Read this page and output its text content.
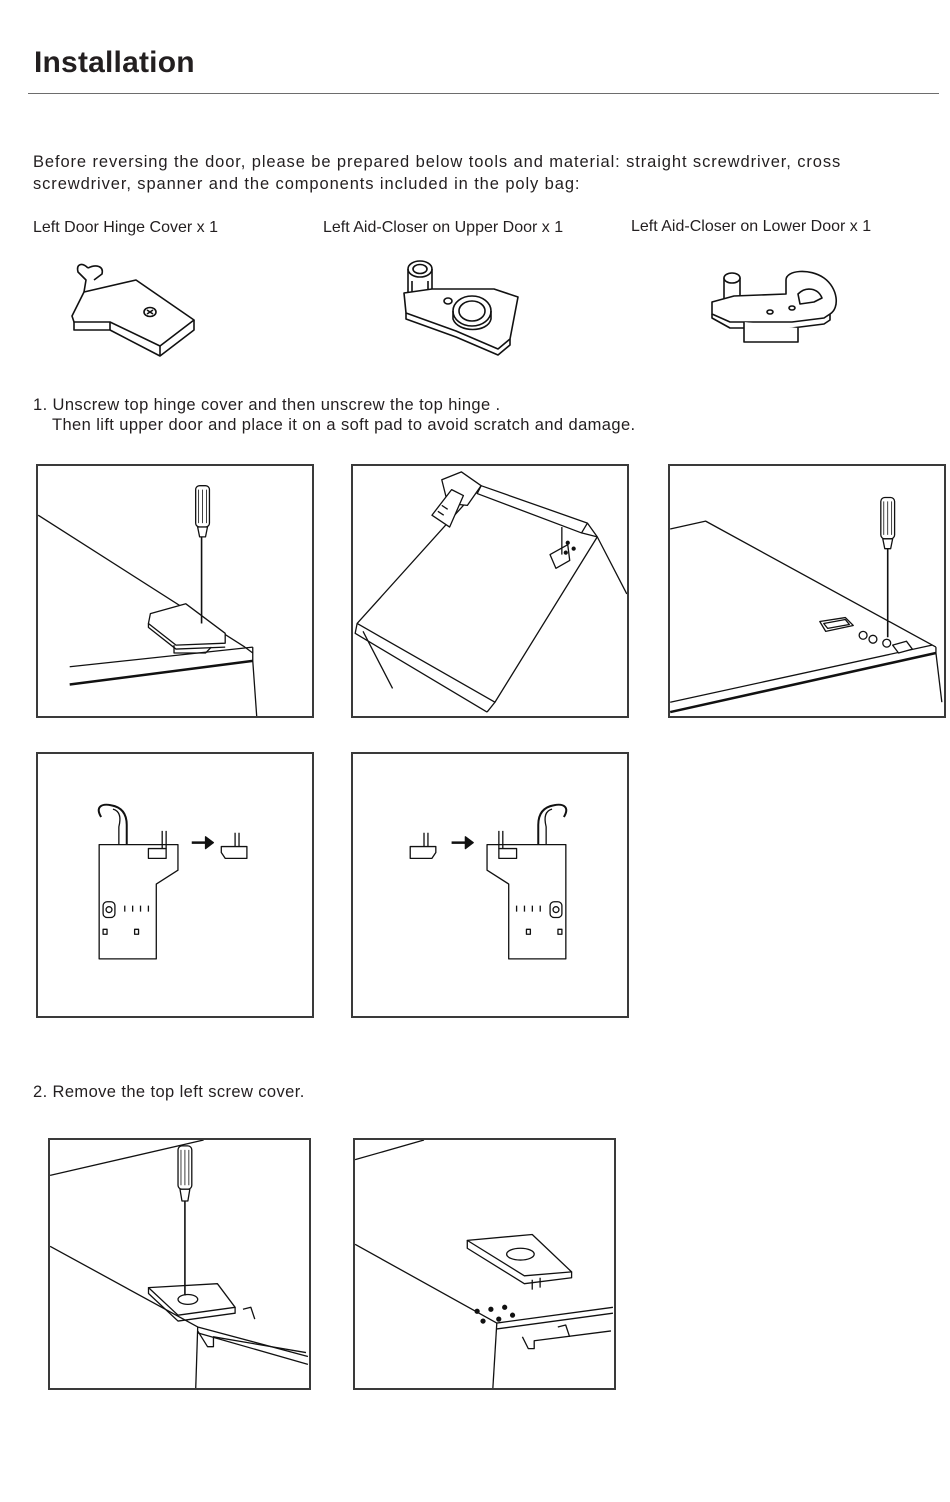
Installation
Before reversing the door, please be prepared below tools and material: straight screwdriver, cross
screwdriver, spanner and the components included in the poly bag:
Left Door Hinge Cover x 1	Left Aid-Closer on Upper Door x 1	Left Aid-Closer on Lower Door x 1
1. Unscrew top hinge cover and then unscrew the top hinge .
Then lift upper door and place it on a soft pad to avoid scratch and damage.
2. Remove the top left screw cover.
